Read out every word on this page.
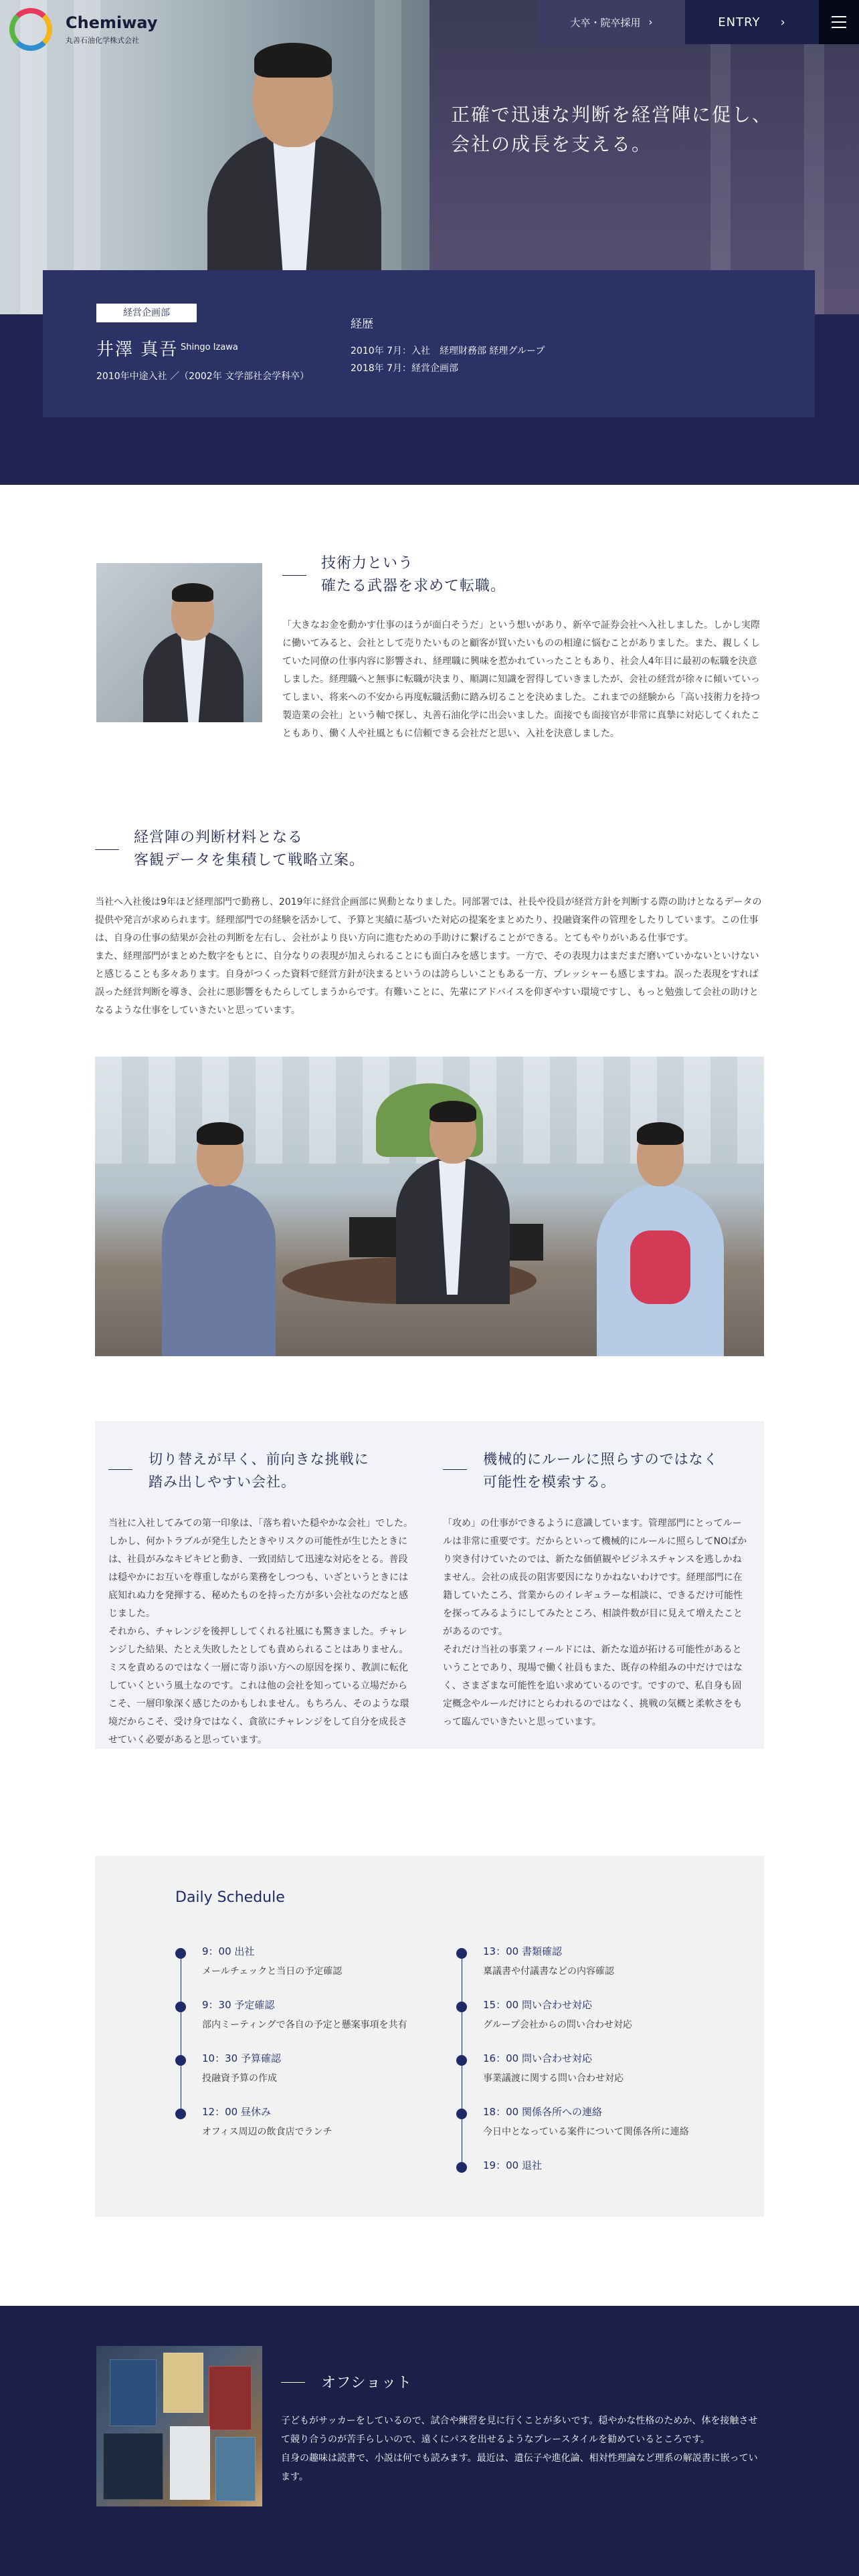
正確で迅速な判断を経営陣に促し、
会社の成長を支える。
Chemiway
丸善石油化学株式会社
大卒・院卒採用 ›	ENTRY ›
経営企画部
井澤 真吾 Shingo Izawa
2010年中途入社 ／（2002年 文学部社会学科卒）
経歴
2010年 7月：入社　経理財務部 経理グループ
2018年 7月：経営企画部
技術力という
確たる武器を求めて転職。
「大きなお金を動かす仕事のほうが面白そうだ」という想いがあり、新卒で証券会社へ入社しました。しかし実際に働いてみると、会社として売りたいものと顧客が買いたいものの相違に悩むことがありました。また、親しくしていた同僚の仕事内容に影響され、経理職に興味を惹かれていったこともあり、社会人4年目に最初の転職を決意しました。経理職へと無事に転職が決まり、順調に知識を習得していきましたが、会社の経営が徐々に傾いていってしまい、将来への不安から再度転職活動に踏み切ることを決めました。これまでの経験から「高い技術力を持つ製造業の会社」という軸で探し、丸善石油化学に出会いました。面接でも面接官が非常に真摯に対応してくれたこともあり、働く人や社風ともに信頼できる会社だと思い、入社を決意しました。
経営陣の判断材料となる
客観データを集積して戦略立案。
当社へ入社後は9年ほど経理部門で勤務し、2019年に経営企画部に異動となりました。同部署では、社長や役員が経営方針を判断する際の助けとなるデータの提供や発言が求められます。経理部門での経験を活かして、予算と実績に基づいた対応の提案をまとめたり、投融資案件の管理をしたりしています。この仕事は、自身の仕事の結果が会社の判断を左右し、会社がより良い方向に進むための手助けに繋げることができる。とてもやりがいある仕事です。
また、経理部門がまとめた数字をもとに、自分なりの表現が加えられることにも面白みを感じます。一方で、その表現力はまだまだ磨いていかないといけないと感じることも多々あります。自身がつくった資料で経営方針が決まるというのは誇らしいこともある一方、プレッシャーも感じますね。誤った表現をすれば誤った経営判断を導き、会社に悪影響をもたらしてしまうからです。有難いことに、先輩にアドバイスを仰ぎやすい環境ですし、もっと勉強して会社の助けとなるような仕事をしていきたいと思っています。
切り替えが早く、前向きな挑戦に
踏み出しやすい会社。
当社に入社してみての第一印象は、「落ち着いた穏やかな会社」でした。しかし、何かトラブルが発生したときやリスクの可能性が生じたときには、社員がみなキビキビと動き、一致団結して迅速な対応をとる。普段は穏やかにお互いを尊重しながら業務をしつつも、いざというときには底知れぬ力を発揮する、秘めたものを持った方が多い会社なのだなと感じました。
それから、チャレンジを後押ししてくれる社風にも驚きました。チャレンジした結果、たとえ失敗したとしても責められることはありません。ミスを責めるのではなく一層に寄り添い方への原因を探り、教訓に転化していくという風土なのです。これは他の会社を知っている立場だからこそ、一層印象深く感じたのかもしれません。もちろん、そのような環境だからこそ、受け身ではなく、貪欲にチャレンジをして自分を成長させていく必要があると思っています。
機械的にルールに照らすのではなく
可能性を模索する。
「攻め」の仕事ができるように意識しています。管理部門にとってルールは非常に重要です。だからといって機械的にルールに照らしてNOばかり突き付けていたのでは、新たな価値観やビジネスチャンスを逃しかねません。会社の成長の阻害要因になりかねないわけです。経理部門に在籍していたころ、営業からのイレギュラーな相談に、できるだけ可能性を探ってみるようにしてみたところ、相談件数が目に見えて増えたことがあるのです。
それだけ当社の事業フィールドには、新たな道が拓ける可能性があるということであり、現場で働く社員もまた、既存の枠組みの中だけではなく、さまざまな可能性を追い求めているのです。ですので、私自身も固定概念やルールだけにとらわれるのではなく、挑戦の気概と柔軟さをもって臨んでいきたいと思っています。
Daily Schedule
9：00 出社
メールチェックと当日の予定確認
9：30 予定確認
部内ミーティングで各自の予定と懸案事項を共有
10：30 予算確認
投融資予算の作成
12：00 昼休み
オフィス周辺の飲食店でランチ
13：00 書類確認
稟議書や付議書などの内容確認
15：00 問い合わせ対応
グループ会社からの問い合わせ対応
16：00 問い合わせ対応
事業議渡に関する問い合わせ対応
18：00 関係各所への連絡
今日中となっている案件について関係各所に連絡
19：00 退社
オフショット
子どもがサッカーをしているので、試合や練習を見に行くことが多いです。穏やかな性格のためか、体を接触させて競り合うのが苦手らしいので、遠くにパスを出せるようなプレースタイルを勧めているところです。
自身の趣味は読書で、小説は何でも読みます。最近は、遺伝子や進化論、相対性理論など理系の解説書に嵌っています。
